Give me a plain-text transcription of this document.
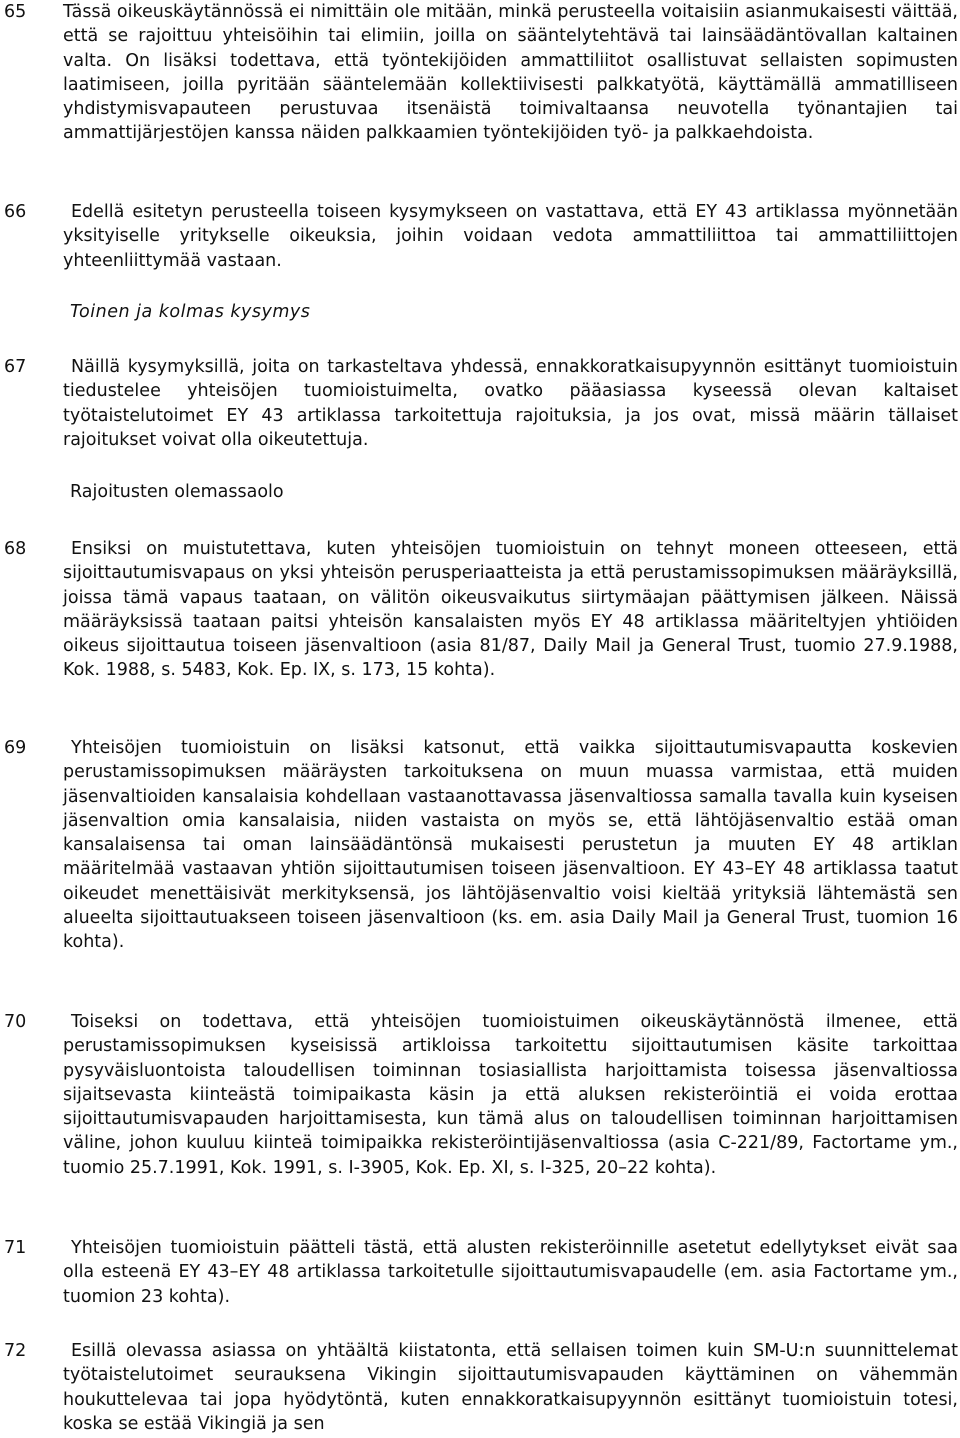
65	Tässä oikeuskäytännössä ei nimittäin ole mitään, minkä perusteella voitaisiin asianmukaisesti väittää, että se rajoittuu yhteisöihin tai elimiin, joilla on sääntelytehtävä tai lainsäädäntövallan kaltainen valta. On lisäksi todettava, että työntekijöiden ammattiliitot osallistuvat sellaisten sopimusten laatimiseen, joilla pyritään sääntelemään kollektiivisesti palkkatyötä, käyttämällä ammatilliseen yhdistymisvapauteen perustuvaa itsenäistä toimivaltaansa neuvotella työnantajien tai ammattijärjestöjen kanssa näiden palkkaamien työntekijöiden työ- ja palkkaehdoista.
66	Edellä esitetyn perusteella toiseen kysymykseen on vastattava, että EY 43 artiklassa myönnetään yksityiselle yritykselle oikeuksia, joihin voidaan vedota ammattiliittoa tai ammattiliittojen yhteenliittymää vastaan.
Toinen ja kolmas kysymys
67	Näillä kysymyksillä, joita on tarkasteltava yhdessä, ennakkoratkaisupyynnön esittänyt tuomioistuin tiedustelee yhteisöjen tuomioistuimelta, ovatko pääasiassa kyseessä olevan kaltaiset työtaistelutoimet EY 43 artiklassa tarkoitettuja rajoituksia, ja jos ovat, missä määrin tällaiset rajoitukset voivat olla oikeutettuja.
Rajoitusten olemassaolo
68	Ensiksi on muistutettava, kuten yhteisöjen tuomioistuin on tehnyt moneen otteeseen, että sijoittautumisvapaus on yksi yhteisön perusperiaatteista ja että perustamissopimuksen määräyksillä, joissa tämä vapaus taataan, on välitön oikeusvaikutus siirtymäajan päättymisen jälkeen. Näissä määräyksissä taataan paitsi yhteisön kansalaisten myös EY 48 artiklassa määriteltyjen yhtiöiden oikeus sijoittautua toiseen jäsenvaltioon (asia 81/87, Daily Mail ja General Trust, tuomio 27.9.1988, Kok. 1988, s. 5483, Kok. Ep. IX, s. 173, 15 kohta).
69	Yhteisöjen tuomioistuin on lisäksi katsonut, että vaikka sijoittautumisvapautta koskevien perustamissopimuksen määräysten tarkoituksena on muun muassa varmistaa, että muiden jäsenvaltioiden kansalaisia kohdellaan vastaanottavassa jäsenvaltiossa samalla tavalla kuin kyseisen jäsenvaltion omia kansalaisia, niiden vastaista on myös se, että lähtöjäsenvaltio estää oman kansalaisensa tai oman lainsäädäntönsä mukaisesti perustetun ja muuten EY 48 artiklan määritelmää vastaavan yhtiön sijoittautumisen toiseen jäsenvaltioon. EY 43–EY 48 artiklassa taatut oikeudet menettäisivät merkityksensä, jos lähtöjäsenvaltio voisi kieltää yrityksiä lähtemästä sen alueelta sijoittautuakseen toiseen jäsenvaltioon (ks. em. asia Daily Mail ja General Trust, tuomion 16 kohta).
70	Toiseksi on todettava, että yhteisöjen tuomioistuimen oikeuskäytännöstä ilmenee, että perustamissopimuksen kyseisissä artikloissa tarkoitettu sijoittautumisen käsite tarkoittaa pysyväisluontoista taloudellisen toiminnan tosiasiallista harjoittamista toisessa jäsenvaltiossa sijaitsevasta kiinteästä toimipaikasta käsin ja että aluksen rekisteröintiä ei voida erottaa sijoittautumisvapauden harjoittamisesta, kun tämä alus on taloudellisen toiminnan harjoittamisen väline, johon kuuluu kiinteä toimipaikka rekisteröintijäsenvaltiossa (asia C-221/89, Factortame ym., tuomio 25.7.1991, Kok. 1991, s. I-3905, Kok. Ep. XI, s. I-325, 20–22 kohta).
71	Yhteisöjen tuomioistuin päätteli tästä, että alusten rekisteröinnille asetetut edellytykset eivät saa olla esteenä EY 43–EY 48 artiklassa tarkoitetulle sijoittautumisvapaudelle (em. asia Factortame ym., tuomion 23 kohta).
72	Esillä olevassa asiassa on yhtäältä kiistatonta, että sellaisen toimen kuin SM-U:n suunnittelemat työtaistelutoimet seurauksena Vikingin sijoittautumisvapauden käyttäminen on vähemmän houkuttelevaa tai jopa hyödytöntä, kuten ennakkoratkaisupyynnön esittänyt tuomioistuin totesi, koska se estää Vikingiä ja sen
